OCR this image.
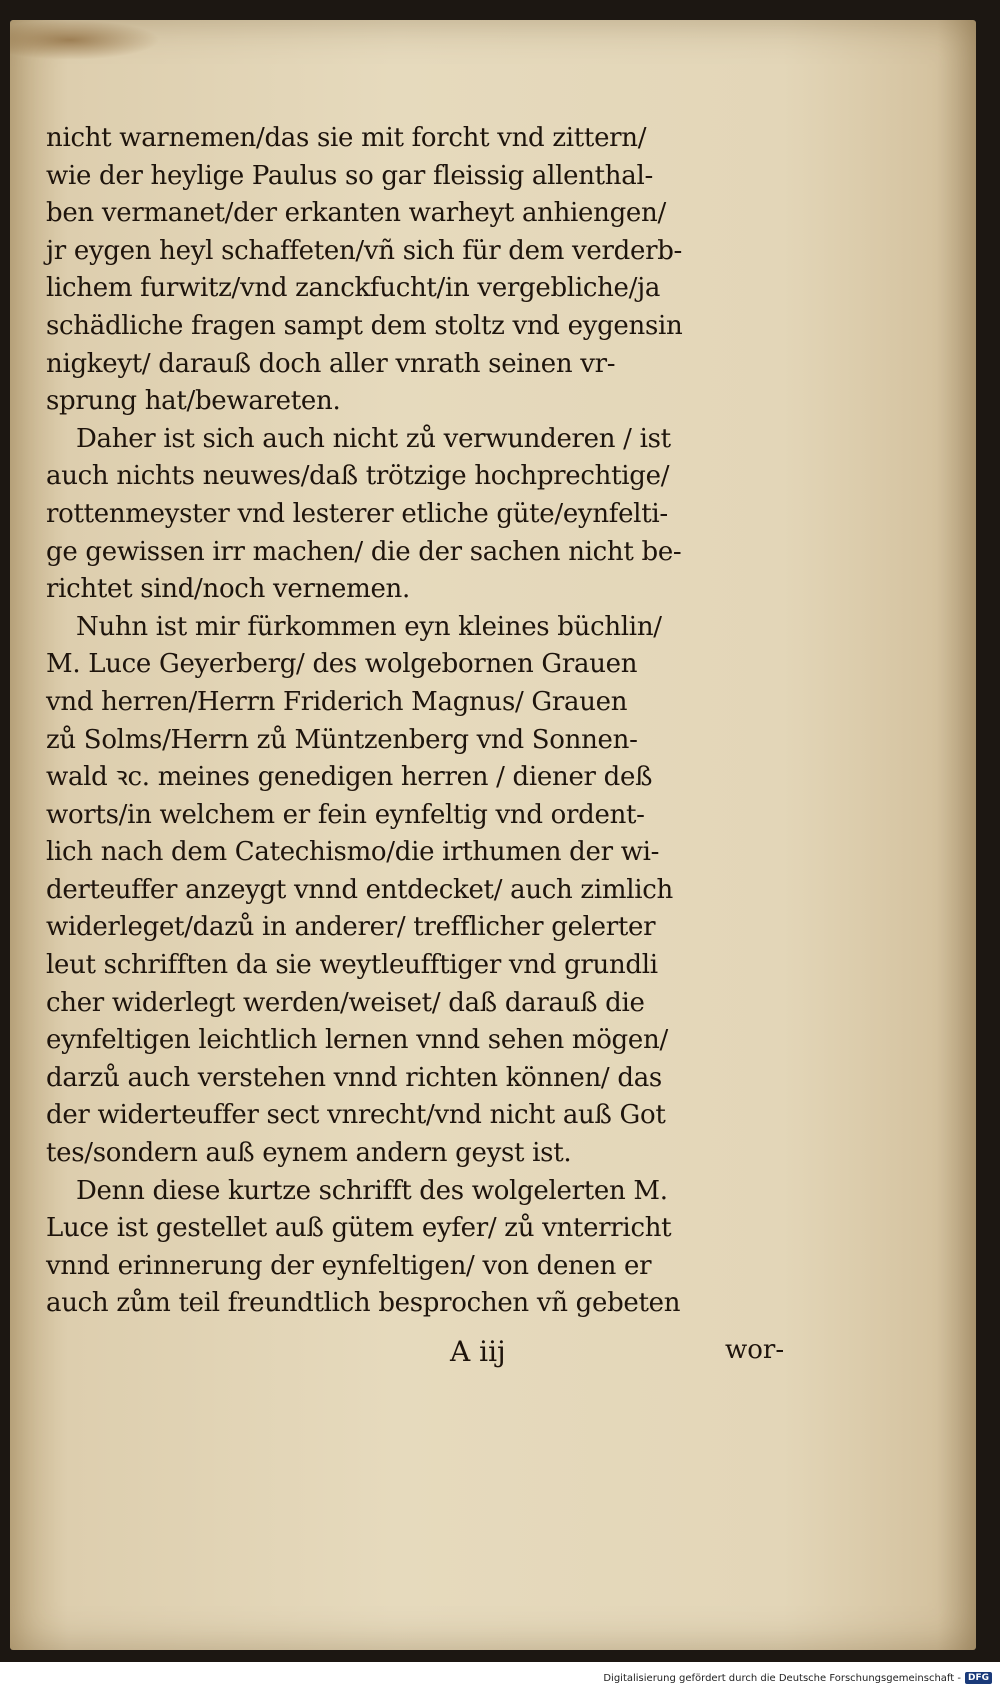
nicht warnemen/das sie mit forcht vnd zittern/
wie der heylige Paulus so gar fleissig allenthal-
ben vermanet/der erkanten warheyt anhiengen/
jr eygen heyl schaffeten/vñ sich für dem verderb-
lichem furwitz/vnd zanckfucht/in vergebliche/ja
schädliche fragen sampt dem stoltz vnd eygensin
nigkeyt/ darauß doch aller vnrath seinen vr-
sprung hat/bewareten.
Daher ist sich auch nicht zů verwunderen / ist
auch nichts neuwes/daß trötzige hochprechtige/
rottenmeyster vnd lesterer etliche güte/eynfelti-
ge gewissen irr machen/ die der sachen nicht be-
richtet sind/noch vernemen.
Nuhn ist mir fürkommen eyn kleines büchlin/
M. Luce Geyerberg/ des wolgebornen Grauen
vnd herren/Herrn Friderich Magnus/ Grauen
zů Solms/Herrn zů Müntzenberg vnd Sonnen-
wald ꝛc. meines genedigen herren / diener deß
worts/in welchem er fein eynfeltig vnd ordent-
lich nach dem Catechismo/die irthumen der wi-
derteuffer anzeygt vnnd entdecket/ auch zimlich
widerleget/dazů in anderer/ trefflicher gelerter
leut schrifften da sie weytleufftiger vnd grundli
cher widerlegt werden/weiset/ daß darauß die
eynfeltigen leichtlich lernen vnnd sehen mögen/
darzů auch verstehen vnnd richten können/ das
der widerteuffer sect vnrecht/vnd nicht auß Got
tes/sondern auß eynem andern geyst ist.
Denn diese kurtze schrifft des wolgelerten M.
Luce ist gestellet auß gütem eyfer/ zů vnterricht
vnnd erinnerung der eynfeltigen/ von denen er
auch zům teil freundtlich besprochen vñ gebeten
A iij	wor-
Digitalisierung gefördert durch die Deutsche Forschungsgemeinschaft - DFG
